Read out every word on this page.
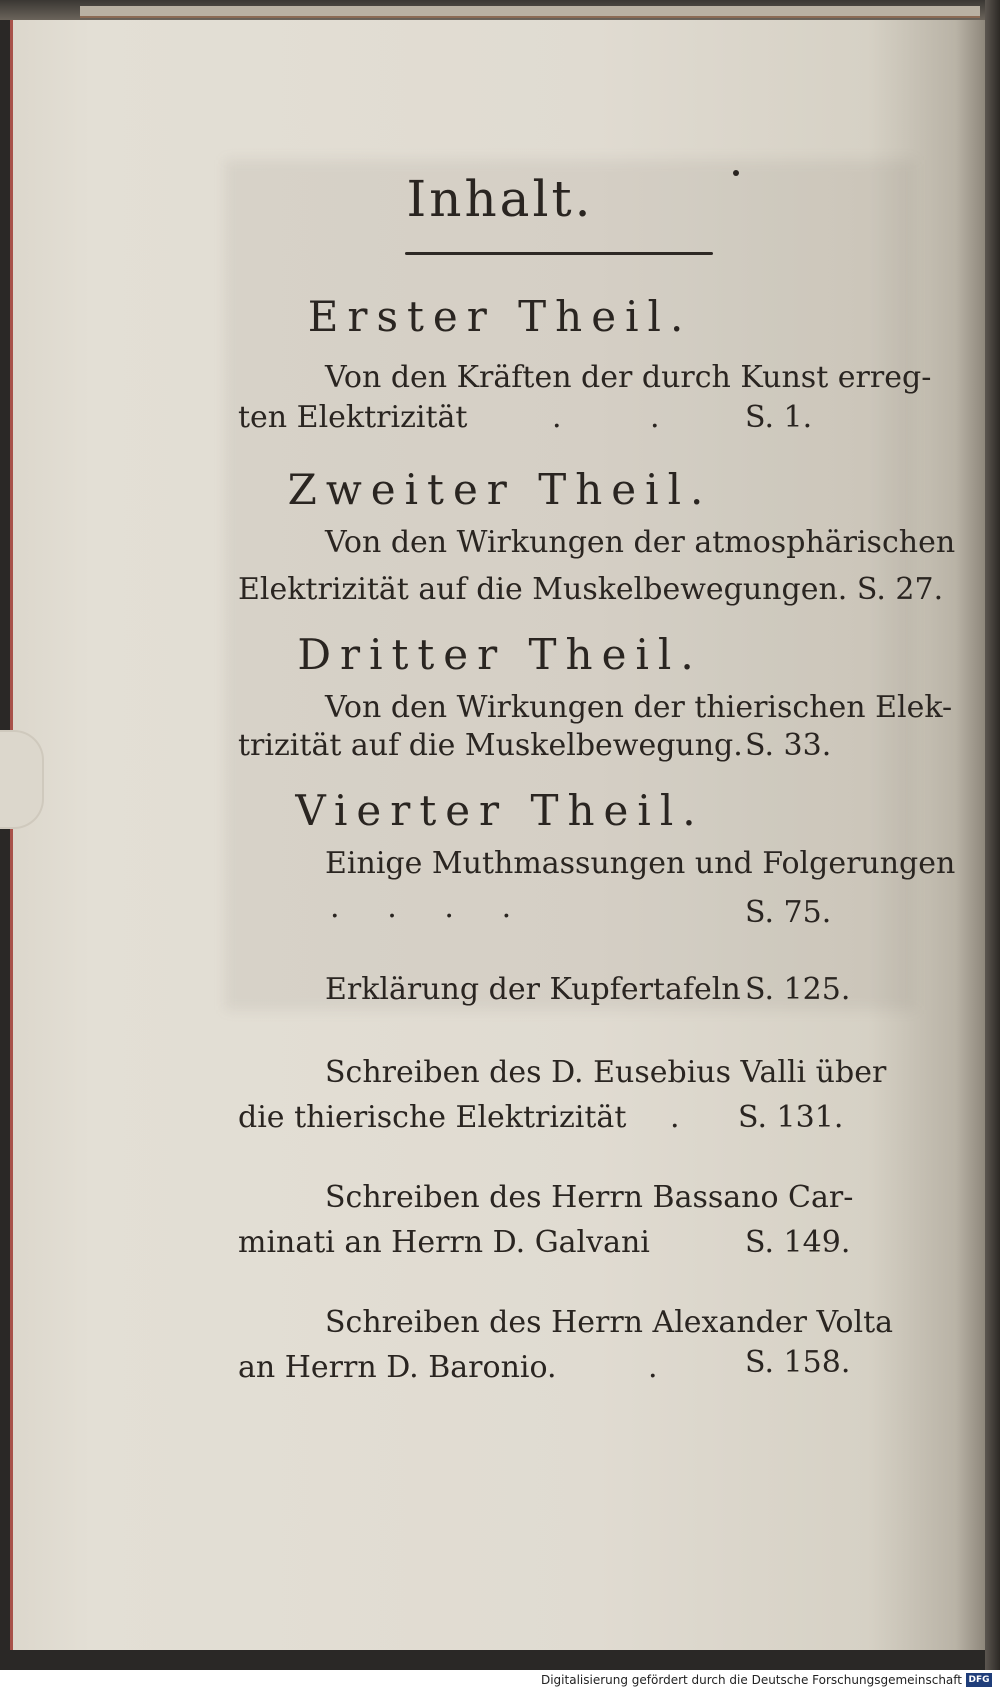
Inhalt.
Erster Theil.
Von den Kräften der durch Kunst erreg-
ten Elektrizität	.	.	S. 1.
Zweiter Theil.
Von den Wirkungen der atmosphärischen
Elektrizität auf die Muskelbewegungen. S. 27.
Dritter Theil.
Von den Wirkungen der thierischen Elek-
trizität auf die Muskelbewegung. S. 33.
Vierter Theil.
Einige Muthmassungen und Folgerungen
.     .     .     .	S. 75.
Erklärung der Kupfertafeln S. 125.
Schreiben des D. Eusebius Valli über
die thierische Elektrizität . S. 131.
Schreiben des Herrn Bassano Car-
minati an Herrn D. Galvani	S. 149.
Schreiben des Herrn Alexander Volta
an Herrn D. Baronio.	.	S. 158.
Digitalisierung gefördert durch die Deutsche Forschungsgemeinschaft DFG
